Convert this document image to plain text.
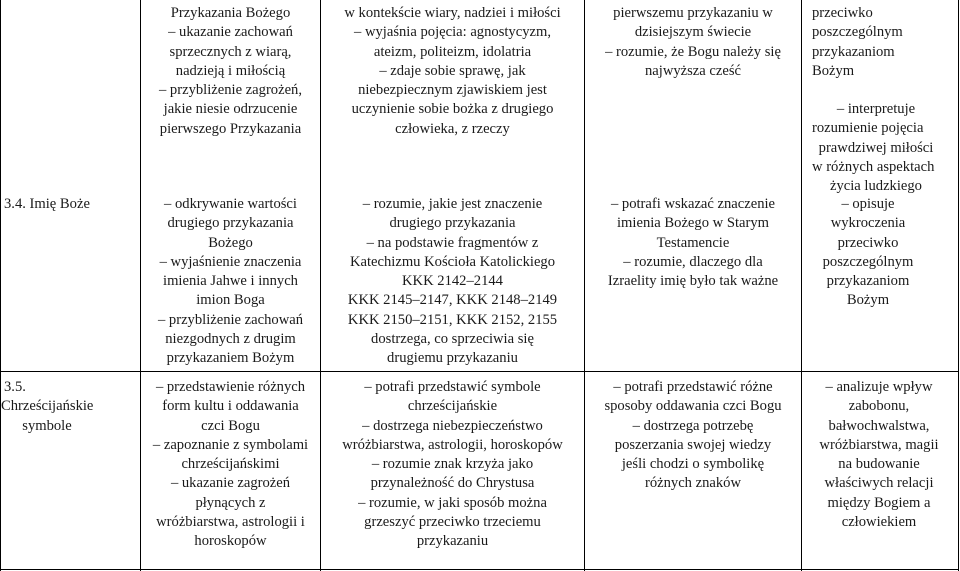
Przykazania Bożego
– ukazanie zachowań
sprzecznych z wiarą,
nadzieją i miłością
– przybliżenie zagrożeń,
jakie niesie odrzucenie
pierwszego Przykazania
w kontekście wiary, nadziei i miłości
– wyjaśnia pojęcia: agnostycyzm,
ateizm, politeizm, idolatria
– zdaje sobie sprawę, jak
niebezpiecznym zjawiskiem jest
uczynienie sobie bożka z drugiego
człowieka, z rzeczy
pierwszemu przykazaniu w
dzisiejszym świecie
– rozumie, że Bogu należy się
najwyższa cześć
przeciwko
poszczególnym
przykazaniom
Bożym
– interpretuje
rozumienie pojęcia
prawdziwej miłości
w różnych aspektach
życia ludzkiego
3.4. Imię Boże	– odkrywanie wartości
drugiego przykazania
Bożego
– wyjaśnienie znaczenia
imienia Jahwe i innych
imion Boga
– przybliżenie zachowań
niezgodnych z drugim
przykazaniem Bożym
– rozumie, jakie jest znaczenie
drugiego przykazania
– na podstawie fragmentów z
Katechizmu Kościoła Katolickiego
KKK 2142–2144
KKK 2145–2147, KKK 2148–2149
KKK 2150–2151, KKK 2152, 2155
dostrzega, co sprzeciwia się
drugiemu przykazaniu
– potrafi wskazać znaczenie
imienia Bożego w Starym
Testamencie
– rozumie, dlaczego dla
Izraelity imię było tak ważne
– opisuje
wykroczenia
przeciwko
poszczególnym
przykazaniom
Bożym
3.5.
Chrześcijańskie
symbole
– przedstawienie różnych
form kultu i oddawania
czci Bogu
– zapoznanie z symbolami
chrześcijańskimi
– ukazanie zagrożeń
płynących z
wróżbiarstwa, astrologii i
horoskopów
– potrafi przedstawić symbole
chrześcijańskie
– dostrzega niebezpieczeństwo
wróżbiarstwa, astrologii, horoskopów
– rozumie znak krzyża jako
przynależność do Chrystusa
– rozumie, w jaki sposób można
grzeszyć przeciwko trzeciemu
przykazaniu
– potrafi przedstawić różne
sposoby oddawania czci Bogu
– dostrzega potrzebę
poszerzania swojej wiedzy
jeśli chodzi o symbolikę
różnych znaków
– analizuje wpływ
zabobonu,
bałwochwalstwa,
wróżbiarstwa, magii
na budowanie
właściwych relacji
między Bogiem a
człowiekiem
